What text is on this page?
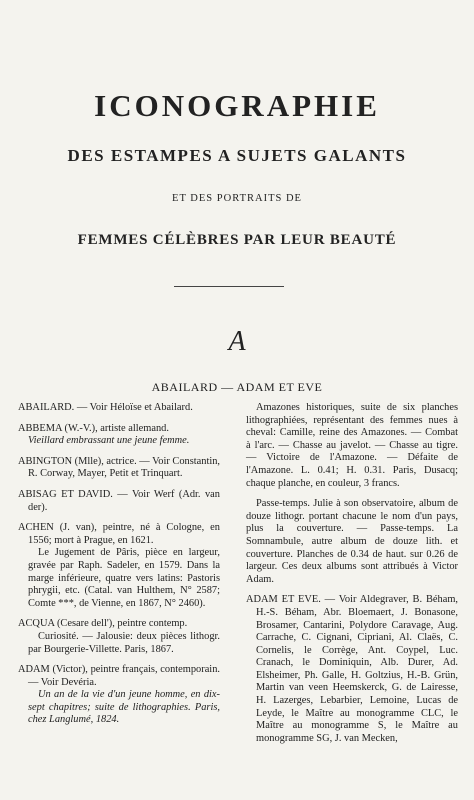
ICONOGRAPHIE
DES ESTAMPES A SUJETS GALANTS
ET DES PORTRAITS DE
FEMMES CÉLÈBRES PAR LEUR BEAUTÉ
A
ABAILARD — ADAM ET EVE

ABAILARD. — Voir Héloïse et Abailard.

ABBEMA (W.-V.), artiste allemand.

Vieillard embrassant une jeune femme.

ABINGTON (Mlle), actrice. — Voir Constantin, R. Corway, Mayer, Petit et Trinquart.

ABISAG ET DAVID. — Voir Werf (Adr. van der).

ACHEN (J. van), peintre, né à Cologne, en 1556; mort à Prague, en 1621.

Le Jugement de Pâris, pièce en largeur, gravée par Raph. Sadeler, en 1579. Dans la marge inférieure, quatre vers latins: Pastoris phrygii, etc. (Catal. van Hulthem, N° 2587; Comte ***, de Vienne, en 1867, N° 2460).

ACQUA (Cesare dell'), peintre contemp.

Curiosité. — Jalousie: deux pièces lithogr. par Bourgerie-Villette. Paris, 1867.

ADAM (Victor), peintre français, contemporain. — Voir Devéria.

Un an de la vie d'un jeune homme, en dix-sept chapitres; suite de lithographies. Paris, chez Langlumé, 1824.

Amazones historiques, suite de six planches lithographiées, représentant des femmes nues à cheval: Camille, reine des Amazones. — Combat à l'arc. — Chasse au javelot. — Chasse au tigre. — Victoire de l'Amazone. — Défaite de l'Amazone. L. 0.41; H. 0.31. Paris, Dusacq; chaque planche, en couleur, 3 francs.

Passe-temps. Julie à son observatoire, album de douze lithogr. portant chacune le nom d'un pays, plus la couverture. — Passe-temps. La Somnambule, autre album de douze lith. et couverture. Planches de 0.34 de haut. sur 0.26 de largeur. Ces deux albums sont attribués à Victor Adam.

ADAM ET EVE. — Voir Aldegraver, B. Béham, H.-S. Béham, Abr. Bloemaert, J. Bonasone, Brosamer, Cantarini, Polydore Caravage, Aug. Carrache, C. Cignani, Cipriani, Al. Claës, C. Cornelis, le Corrège, Ant. Coypel, Luc. Cranach, le Dominiquin, Alb. Durer, Ad. Elsheimer, Ph. Galle, H. Goltzius, H.-B. Grün, Martin van veen Heemskerck, G. de Lairesse, H. Lazerges, Lebarbier, Lemoine, Lucas de Leyde, le Maître au monogramme CLC, le Maître au monogramme S, le Maître au monogramme SG, J. van Mecken,
